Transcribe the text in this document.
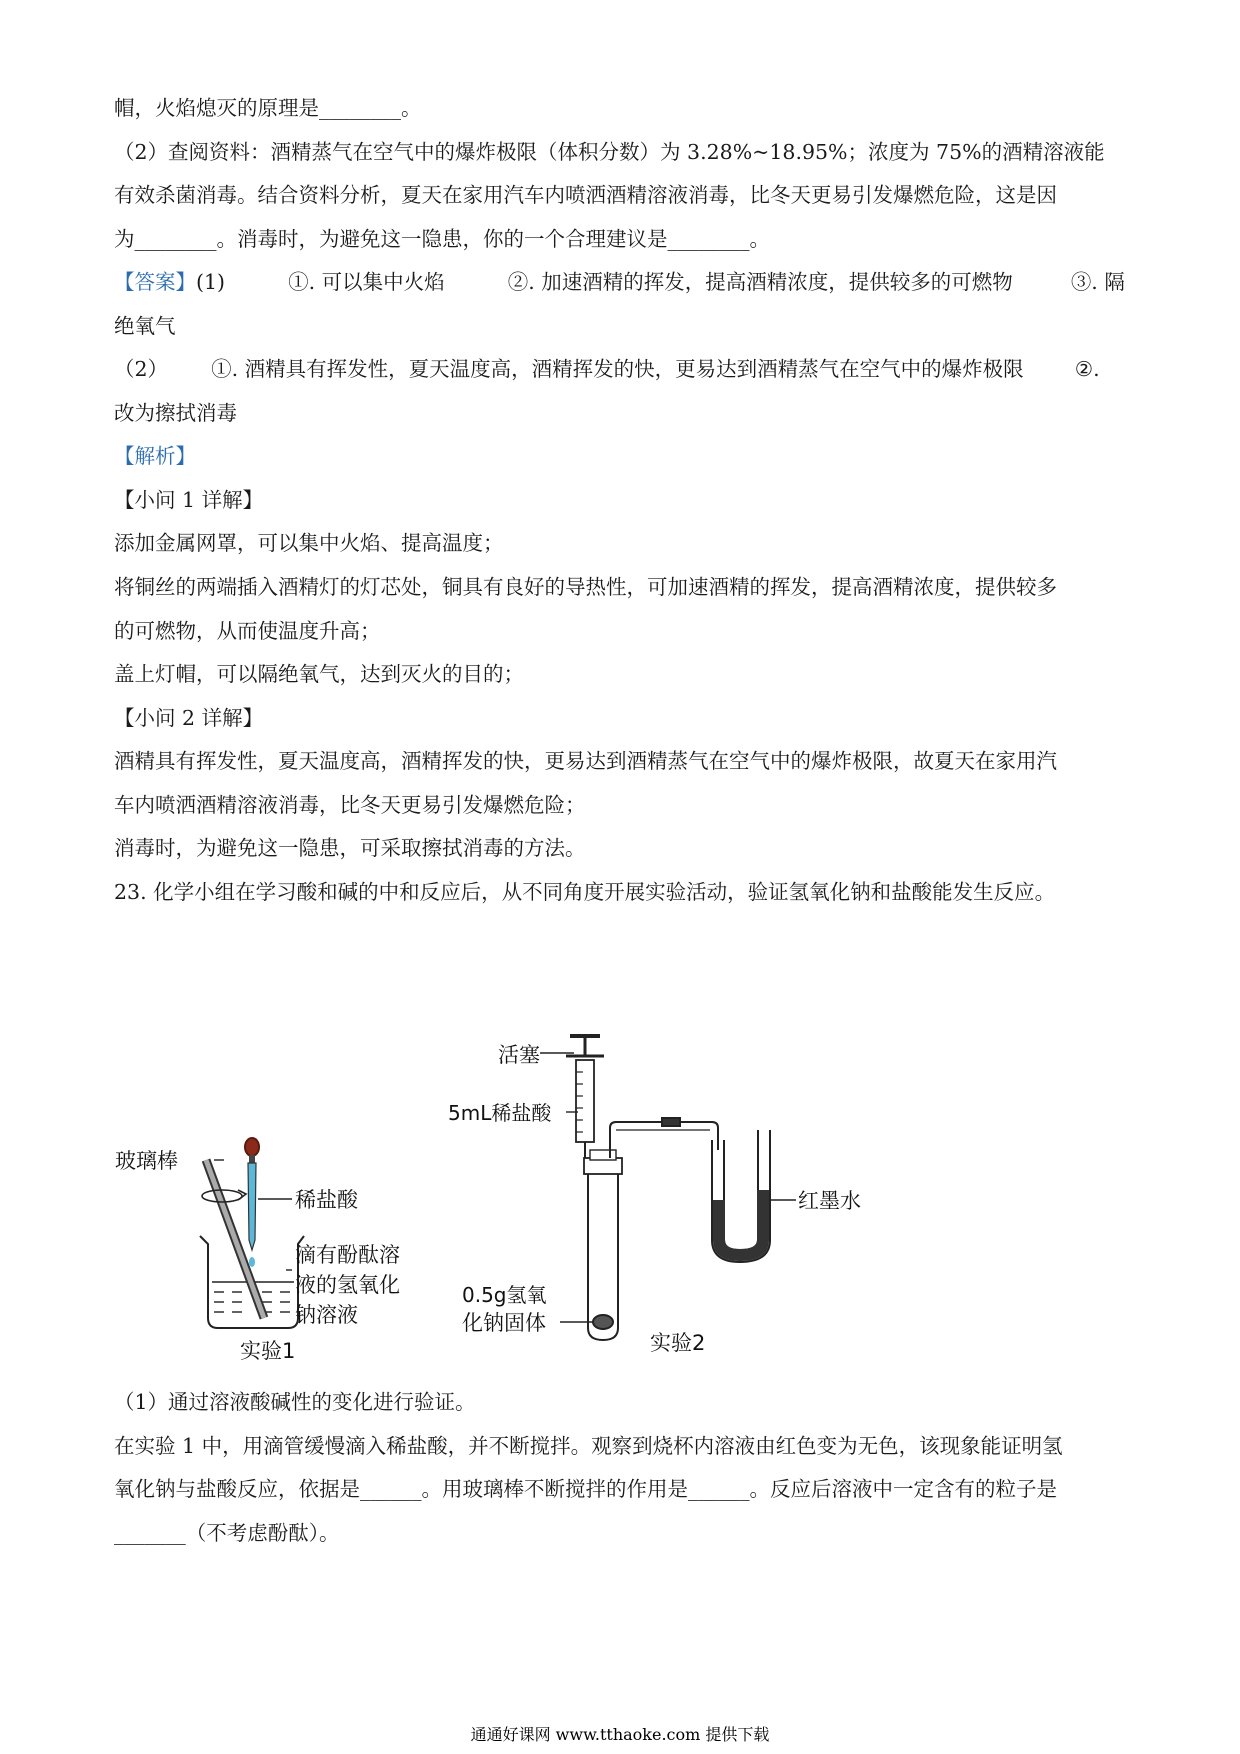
帽，火焰熄灭的原理是________。
（2）查阅资料：酒精蒸气在空气中的爆炸极限（体积分数）为 3.28%~18.95%；浓度为 75%的酒精溶液能
有效杀菌消毒。结合资料分析，夏天在家用汽车内喷洒酒精溶液消毒，比冬天更易引发爆燃危险，这是因
为________。消毒时，为避免这一隐患，你的一个合理建议是________。
【答案】(1)	①. 可以集中火焰	②. 加速酒精的挥发，提高酒精浓度，提供较多的可燃物	③. 隔
绝氧气
（2） ①. 酒精具有挥发性，夏天温度高，酒精挥发的快，更易达到酒精蒸气在空气中的爆炸极限 ②.
改为擦拭消毒
【解析】
【小问 1 详解】
添加金属网罩，可以集中火焰、提高温度；
将铜丝的两端插入酒精灯的灯芯处，铜具有良好的导热性，可加速酒精的挥发，提高酒精浓度，提供较多
的可燃物，从而使温度升高；
盖上灯帽，可以隔绝氧气，达到灭火的目的；
【小问 2 详解】
酒精具有挥发性，夏天温度高，酒精挥发的快，更易达到酒精蒸气在空气中的爆炸极限，故夏天在家用汽
车内喷洒酒精溶液消毒，比冬天更易引发爆燃危险；
消毒时，为避免这一隐患，可采取擦拭消毒的方法。
23. 化学小组在学习酸和碱的中和反应后，从不同角度开展实验活动，验证氢氧化钠和盐酸能发生反应。
玻璃棒
稀盐酸
滴有酚酞溶
液的氢氧化
钠溶液
实验1
活塞
5mL稀盐酸
红墨水
0.5g氢氧
化钠固体
实验2
（1）通过溶液酸碱性的变化进行验证。
在实验 1 中，用滴管缓慢滴入稀盐酸，并不断搅拌。观察到烧杯内溶液由红色变为无色，该现象能证明氢
氧化钠与盐酸反应，依据是______。用玻璃棒不断搅拌的作用是______。反应后溶液中一定含有的粒子是
_______（不考虑酚酞）。
通通好课网 www.tthaoke.com 提供下载
